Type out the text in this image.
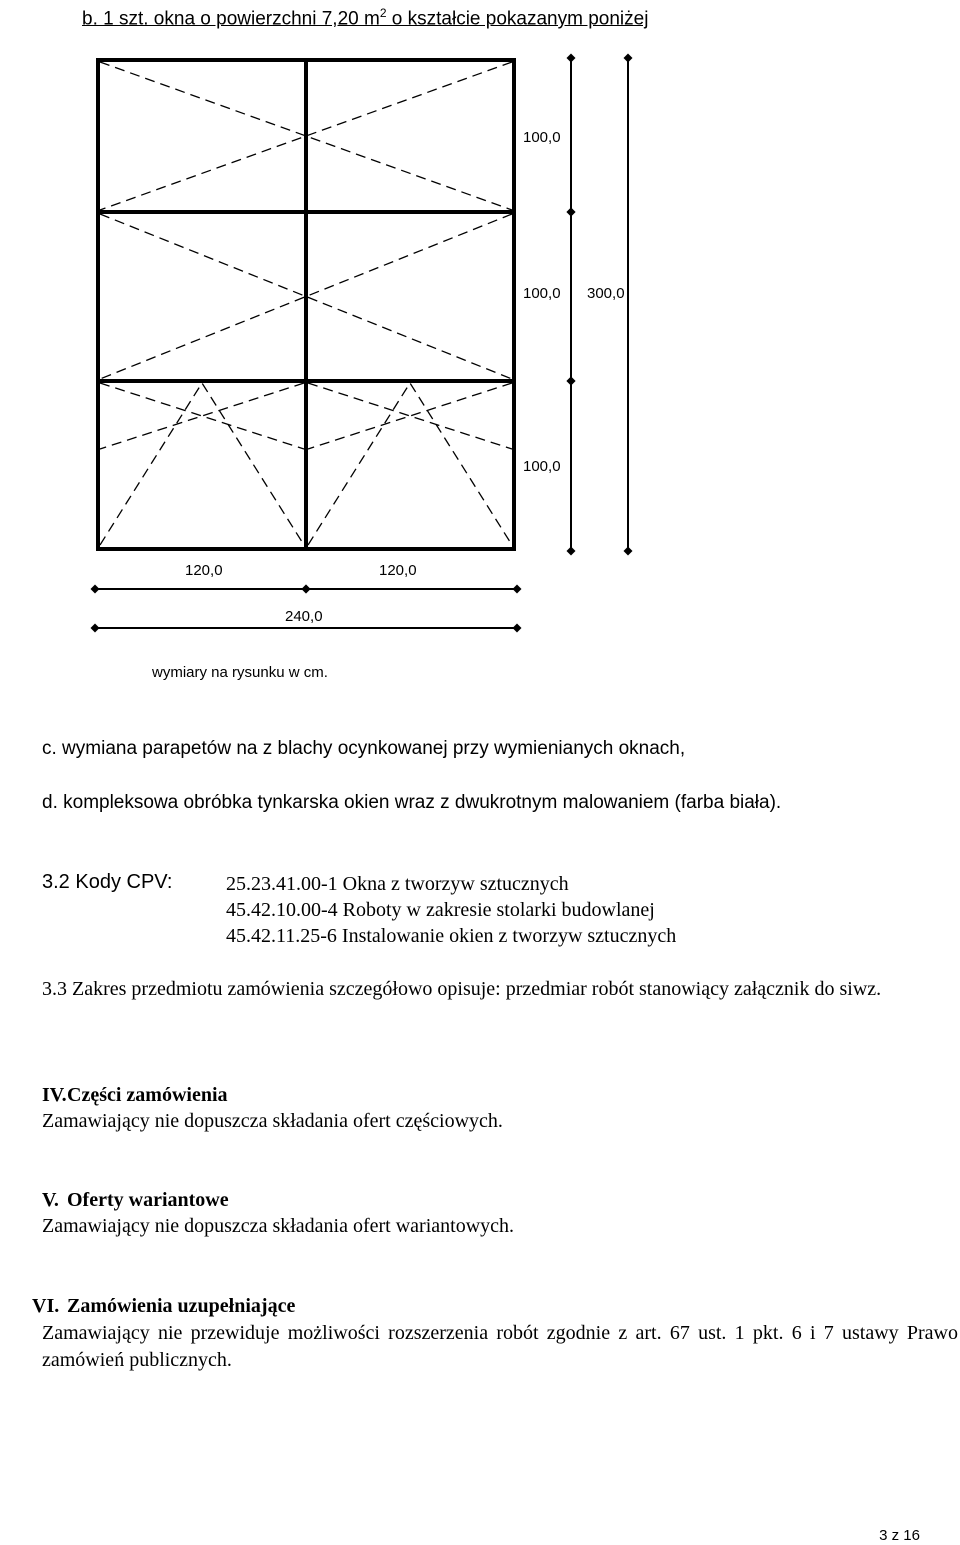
b. 1 szt. okna o powierzchni 7,20 $m^2$ o kształcie pokazanym poniżej
100,0
100,0
100,0
300,0
120,0	120,0
240,0
wymiary na rysunku w cm.
c. wymiana parapetów na z blachy ocynkowanej przy wymienianych oknach,
d. kompleksowa obróbka tynkarska okien wraz z dwukrotnym malowaniem (farba biała).
3.2 Kody CPV:	25.23.41.00-1 Okna z tworzyw sztucznych
45.42.10.00-4 Roboty w zakresie stolarki budowlanej
45.42.11.25-6 Instalowanie okien z tworzyw sztucznych
3.3 Zakres przedmiotu zamówienia szczegółowo opisuje: przedmiar robót stanowiący załącznik do siwz.
IV. Części zamówienia
Zamawiający nie dopuszcza składania ofert częściowych.
V. Oferty wariantowe
Zamawiający nie dopuszcza składania ofert wariantowych.
VI. Zamówienia uzupełniające
Zamawiający nie przewiduje możliwości rozszerzenia robót zgodnie z art. 67 ust. 1 pkt. 6 i 7 ustawy Prawo zamówień publicznych.
3 z 16
